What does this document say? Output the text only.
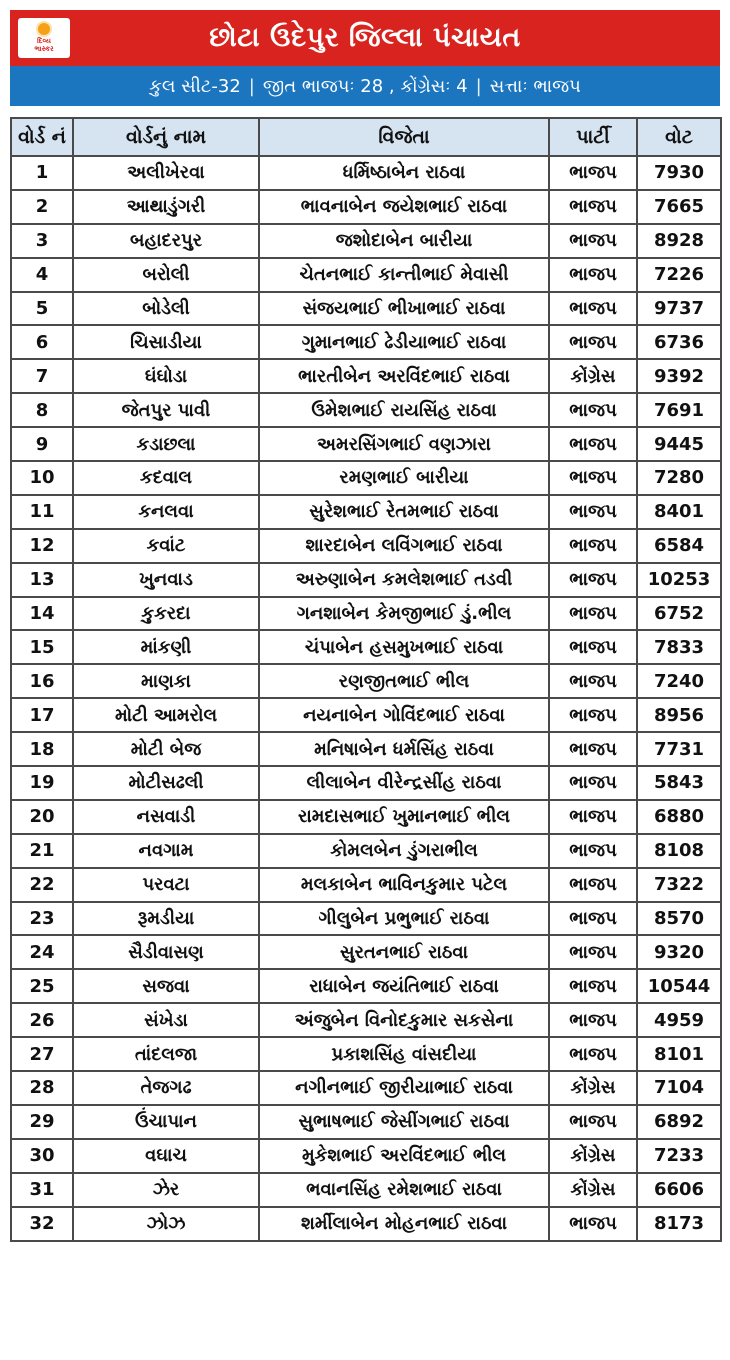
દિવ્ય
ભાસ્કર	છોટા ઉદેપુર જિલ્લા પંચાયત
કુલ સીટ-32 | જીત ભાજપઃ 28 , કોંગ્રેસઃ 4 | સત્તાઃ ભાજપ
વોર્ડ નં	વોર્ડનું નામ	વિજેતા	પાર્ટી	વોટ
1	અલીખેરવા	ધર્મિષ્ઠાબેન રાઠવા	ભાજપ	7930
2	આથાડુંગરી	ભાવનાબેન જયેશભાઈ રાઠવા	ભાજપ	7665
3	બહાદરપુર	જશોદાબેન બારીયા	ભાજપ	8928
4	બરોલી	ચેતનભાઈ કાન્તીભાઈ મેવાસી	ભાજપ	7226
5	બોડેલી	સંજયભાઈ ભીખાભાઈ રાઠવા	ભાજપ	9737
6	ચિસાડીયા	ગુમાનભાઈ ઢેડીયાભાઈ રાઠવા	ભાજપ	6736
7	ઘંઘોડા	ભારતીબેન અરવિંદભાઈ રાઠવા	કોંગ્રેસ	9392
8	જેતપુર પાવી	ઉમેશભાઈ રાયસિંહ રાઠવા	ભાજપ	7691
9	કડાછલા	અમરસિંગભાઈ વણઝારા	ભાજપ	9445
10	કદવાલ	રમણભાઈ બારીયા	ભાજપ	7280
11	કનલવા	સુરેશભાઈ રેતમભાઈ રાઠવા	ભાજપ	8401
12	કવાંટ	શારદાબેન લવિંગભાઈ રાઠવા	ભાજપ	6584
13	ખુનવાડ	અરુણાબેન કમલેશભાઈ તડવી	ભાજપ	10253
14	કુકરદા	ગનશાબેન કેમજીભાઈ ડું.ભીલ	ભાજપ	6752
15	માંકણી	ચંપાબેન હસમુખભાઈ રાઠવા	ભાજપ	7833
16	માણકા	રણજીતભાઈ ભીલ	ભાજપ	7240
17	મોટી આમરોલ	નયનાબેન ગોવિંદભાઈ રાઠવા	ભાજપ	8956
18	મોટી બેજ	મનિષાબેન ધર્મસિંહ રાઠવા	ભાજપ	7731
19	મોટીસઢલી	લીલાબેન વીરેન્દ્રસીંહ રાઠવા	ભાજપ	5843
20	નસવાડી	રામદાસભાઈ ખુમાનભાઈ ભીલ	ભાજપ	6880
21	નવગામ	કોમલબેન ડુંગરાભીલ	ભાજપ	8108
22	પરવટા	મલકાબેન ભાવિનકુમાર પટેલ	ભાજપ	7322
23	રૂમડીયા	ગીલુબેન પ્રભુભાઈ રાઠવા	ભાજપ	8570
24	સૈડીવાસણ	સુરતનભાઈ રાઠવા	ભાજપ	9320
25	સજવા	રાધાબેન જયંતિભાઈ રાઠવા	ભાજપ	10544
26	સંખેડા	અંજુબેન વિનોદકુમાર સકસેના	ભાજપ	4959
27	તાંદલજા	પ્રકાશસિંહ વાંસદીયા	ભાજપ	8101
28	તેજગઢ	નગીનભાઈ જીરીયાભાઈ રાઠવા	કોંગ્રેસ	7104
29	ઉંચાપાન	સુભાષભાઈ જેસીંગભાઈ રાઠવા	ભાજપ	6892
30	વઘાચ	મુકેશભાઈ અરવિંદભાઈ ભીલ	કોંગ્રેસ	7233
31	ઝેર	ભવાનસિંહ રમેશભાઈ રાઠવા	કોંગ્રેસ	6606
32	ઝોઝ	શર્મીલાબેન મોહનભાઈ રાઠવા	ભાજપ	8173
